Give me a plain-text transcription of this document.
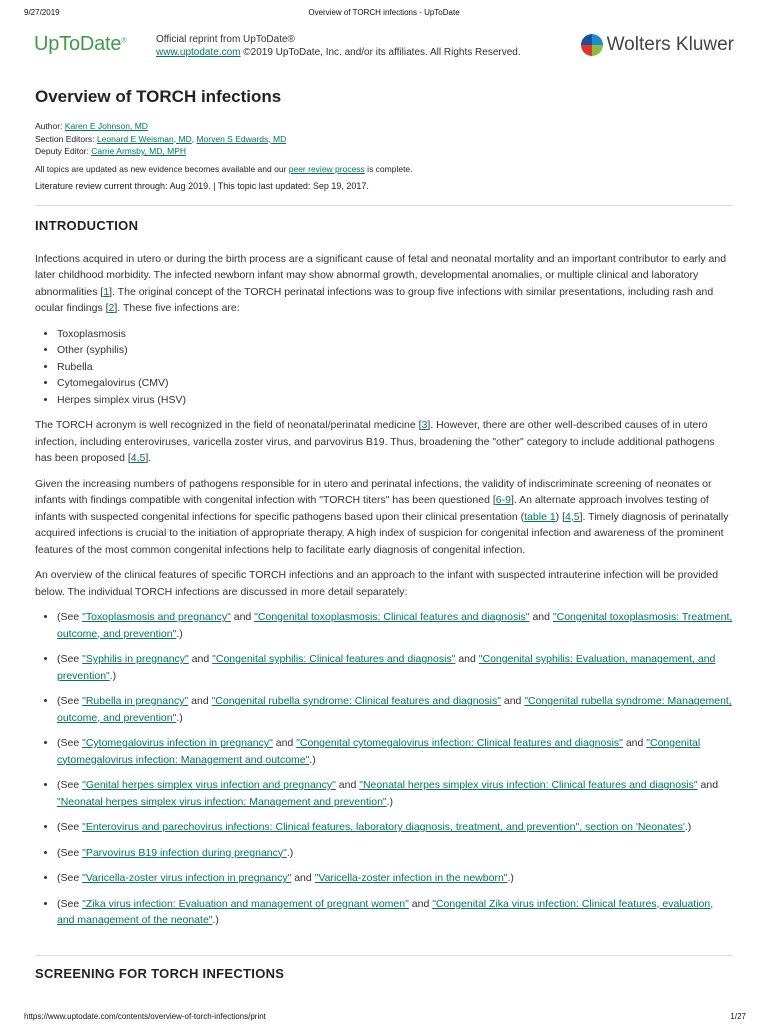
9/27/2019	Overview of TORCH infections - UpToDate
UpToDate®	Official reprint from UpToDate®
www.uptodate.com ©2019 UpToDate, Inc. and/or its affiliates. All Rights Reserved.	Wolters Kluwer
Overview of TORCH infections
Author: Karen E Johnson, MD
Section Editors: Leonard E Weisman, MD, Morven S Edwards, MD
Deputy Editor: Carrie Armsby, MD, MPH
All topics are updated as new evidence becomes available and our peer review process is complete.
Literature review current through: Aug 2019. | This topic last updated: Sep 19, 2017.
INTRODUCTION

Infections acquired in utero or during the birth process are a significant cause of fetal and neonatal mortality and an important contributor to early and later childhood morbidity. The infected newborn infant may show abnormal growth, developmental anomalies, or multiple clinical and laboratory abnormalities [1]. The original concept of the TORCH perinatal infections was to group five infections with similar presentations, including rash and ocular findings [2]. These five infections are:

• Toxoplasmosis
• Other (syphilis)
• Rubella
• Cytomegalovirus (CMV)
• Herpes simplex virus (HSV)

The TORCH acronym is well recognized in the field of neonatal/perinatal medicine [3]. However, there are other well-described causes of in utero infection, including enteroviruses, varicella zoster virus, and parvovirus B19. Thus, broadening the "other" category to include additional pathogens has been proposed [4,5].

Given the increasing numbers of pathogens responsible for in utero and perinatal infections, the validity of indiscriminate screening of neonates or infants with findings compatible with congenital infection with "TORCH titers" has been questioned [6-9]. An alternate approach involves testing of infants with suspected congenital infections for specific pathogens based upon their clinical presentation (table 1) [4,5]. Timely diagnosis of perinatally acquired infections is crucial to the initiation of appropriate therapy. A high index of suspicion for congenital infection and awareness of the prominent features of the most common congenital infections help to facilitate early diagnosis of congenital infection.

An overview of the clinical features of specific TORCH infections and an approach to the infant with suspected intrauterine infection will be provided below. The individual TORCH infections are discussed in more detail separately:

• (See "Toxoplasmosis and pregnancy" and "Congenital toxoplasmosis: Clinical features and diagnosis" and "Congenital toxoplasmosis: Treatment, outcome, and prevention".)
• (See "Syphilis in pregnancy" and "Congenital syphilis: Clinical features and diagnosis" and "Congenital syphilis: Evaluation, management, and prevention".)
• (See "Rubella in pregnancy" and "Congenital rubella syndrome: Clinical features and diagnosis" and "Congenital rubella syndrome: Management, outcome, and prevention".)
• (See "Cytomegalovirus infection in pregnancy" and "Congenital cytomegalovirus infection: Clinical features and diagnosis" and "Congenital cytomegalovirus infection: Management and outcome".)
• (See "Genital herpes simplex virus infection and pregnancy" and "Neonatal herpes simplex virus infection: Clinical features and diagnosis" and "Neonatal herpes simplex virus infection: Management and prevention".)
• (See "Enterovirus and parechovirus infections: Clinical features, laboratory diagnosis, treatment, and prevention", section on 'Neonates'.)
• (See "Parvovirus B19 infection during pregnancy".)
• (See "Varicella-zoster virus infection in pregnancy" and "Varicella-zoster infection in the newborn".)
• (See "Zika virus infection: Evaluation and management of pregnant women" and "Congenital Zika virus infection: Clinical features, evaluation, and management of the neonate".)
SCREENING FOR TORCH INFECTIONS
https://www.uptodate.com/contents/overview-of-torch-infections/print	1/27
